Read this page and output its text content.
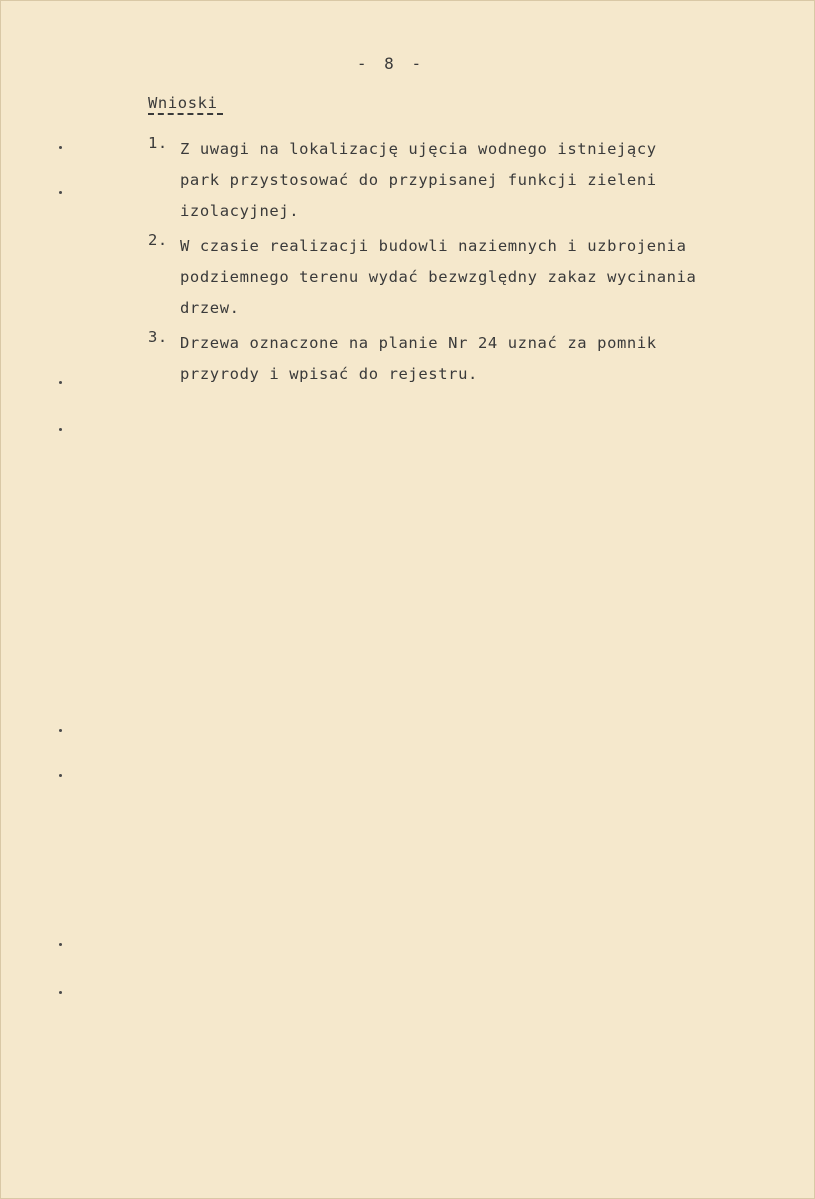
- 8 -
Wnioski
1. Z uwagi na lokalizację ujęcia wodnego istniejący
park przystosować do przypisanej funkcji zieleni
izolacyjnej.
2. W czasie realizacji budowli naziemnych i uzbrojenia
podziemnego terenu wydać bezwzględny zakaz wycinania
drzew.
3. Drzewa oznaczone na planie Nr 24 uznać za pomnik
przyrody i wpisać do rejestru.
